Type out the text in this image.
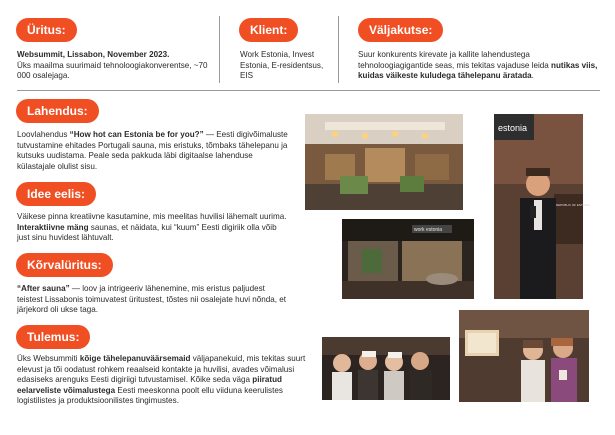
Üritus:
Websummit, Lissabon, November 2023.
Üks maailma suurimaid tehnoloogiakonverentse, ~70 000 osalejaga.
Klient:
Work Estonia, Invest Estonia, E-residentsus, EIS
Väljakutse:
Suur konkurents kirevate ja kallite lahendustega tehnoloogiagigantide seas, mis tekitas vajaduse leida nutikas viis, kuidas väikeste kuludega tähelepanu äratada.
Lahendus:
Loovlahendus “How hot can Estonia be for you?” — Eesti digivõimaluste tutvustamine ehitades Portugali sauna, mis eristuks, tõmbaks tähelepanu ja kutsuks uudistama. Peale seda pakkuda läbi digitaalse lahenduse külastajale olulist sisu.
Idee eelis:
Väikese pinna kreatiivne kasutamine, mis meelitas huvilisi lähemalt uurima. Interaktiivne mäng saunas, et näidata, kui “kuum” Eesti digiriik olla võib just sinu huvidest lähtuvalt.
Kõrvalüritus:
“After sauna” — loov ja intrigeeriv lähenemine, mis eristus paljudest teistest Lissabonis toimuvatest üritustest, tõstes nii osalejate huvi nõnda, et järjekord oli ukse taga.
Tulemus:
Üks Websummiti kõige tähelepanuväärsemaid väljapanekuid, mis tekitas suurt elevust ja tõi oodatust rohkem reaalseid kontakte ja huvilisi, avades võimalusi edasiseks arenguks Eesti digiriigi tutvustamisel. Kõike seda väga piiratud eelarveliste võimalustega Eesti meeskonna poolt ellu viiduna keerulistes logistilistes ja produktsioonilistes tingimustes.
estonia
REPUBLIC OF ESTONIA
work estonia
